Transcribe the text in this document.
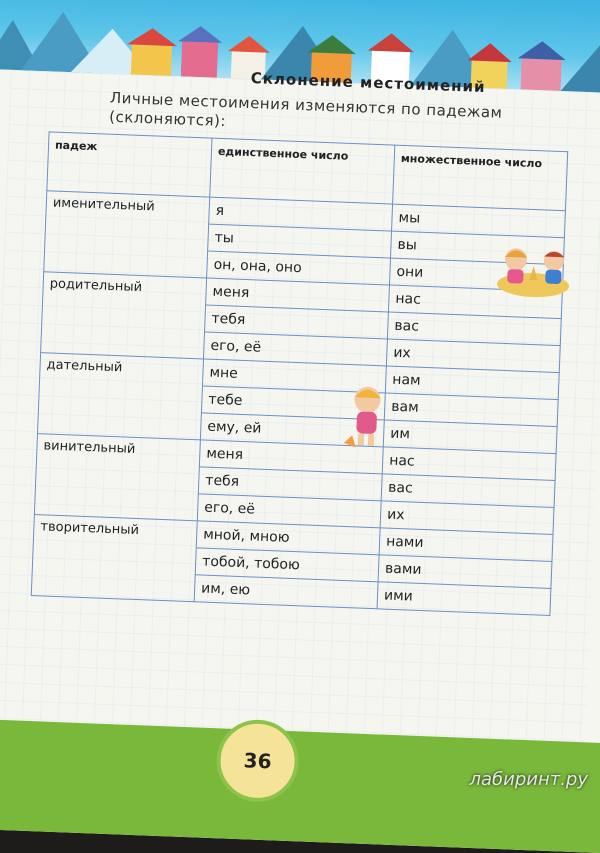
Склонение местоимений
Личные местоимения изменяются по падежам (склоняются):
падеж	единственное число	множественное число
именительный	я	мы
	ты	вы
	он, она, оно	они
родительный	меня	нас
	тебя	вас
	его, её	их
дательный	мне	нам
	тебе	вам
	ему, ей	им
винительный	меня	нас
	тебя	вас
	его, её	их
творительный	мной, мною	нами
	тобой, тобою	вами
	им, ею	ими
36
лабиринт.ру
